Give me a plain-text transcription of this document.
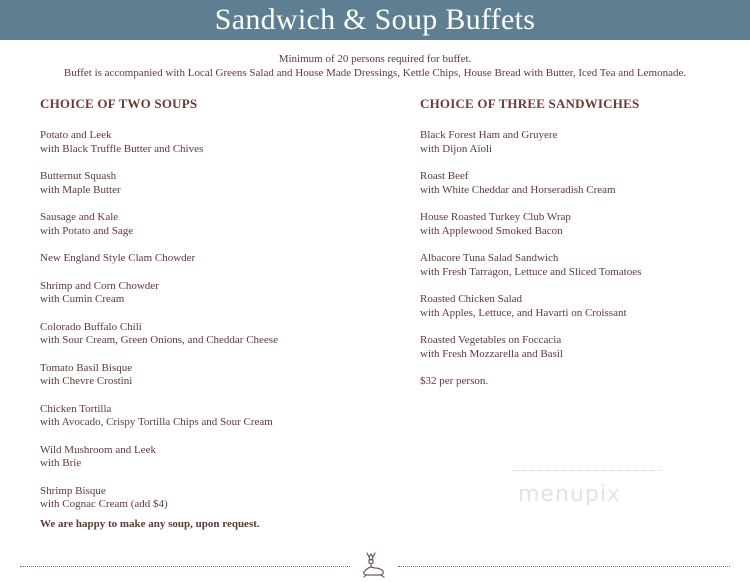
Sandwich & Soup Buffets
Minimum of 20 persons required for buffet.
Buffet is accompanied with Local Greens Salad and House Made Dressings, Kettle Chips, House Bread with Butter, Iced Tea and Lemonade.
CHOICE OF TWO SOUPS
Potato and Leek
with Black Truffle Butter and Chives
Butternut Squash
with Maple Butter
Sausage and Kale
with Potato and Sage
New England Style Clam Chowder
Shrimp and Corn Chowder
with Cumin Cream
Colorado Buffalo Chili
with Sour Cream, Green Onions, and Cheddar Cheese
Tomato Basil Bisque
with Chevre Crostini
Chicken Tortilla
with Avocado, Crispy Tortilla Chips and Sour Cream
Wild Mushroom and Leek
with Brie
Shrimp Bisque
with Cognac Cream (add $4)
We are happy to make any soup, upon request.
CHOICE OF THREE SANDWICHES
Black Forest Ham and Gruyere
with Dijon Aïoli
Roast Beef
with White Cheddar and Horseradish Cream
House Roasted Turkey Club Wrap
with Applewood Smoked Bacon
Albacore Tuna Salad Sandwich
with Fresh Tarragon, Lettuce and Sliced Tomatoes
Roasted Chicken Salad
with Apples, Lettuce, and Havarti on Croissant
Roasted Vegetables on Foccacia
with Fresh Mozzarella and Basil
$32 per person.
menupix
